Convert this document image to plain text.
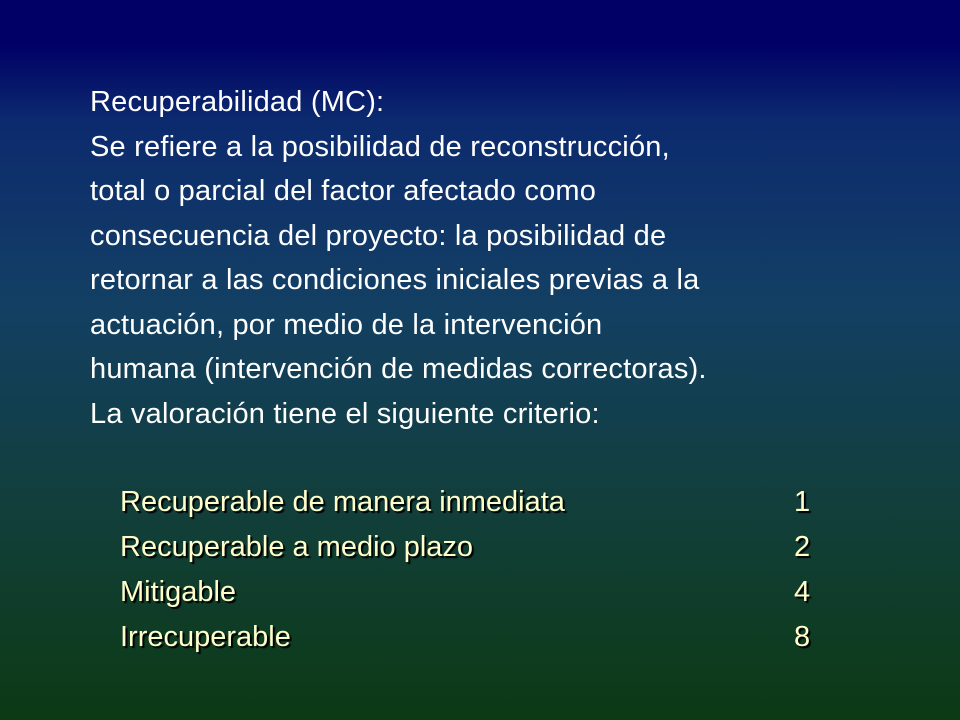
Recuperabilidad (MC):
Se refiere a la posibilidad de reconstrucción,
total o parcial del factor afectado como
consecuencia del proyecto: la posibilidad de
retornar a las condiciones iniciales previas a la
actuación, por medio de la intervención
humana (intervención de medidas correctoras).
La valoración tiene el siguiente criterio:
Recuperable de manera inmediata	1
Recuperable a medio plazo	2
Mitigable	4
Irrecuperable	8
